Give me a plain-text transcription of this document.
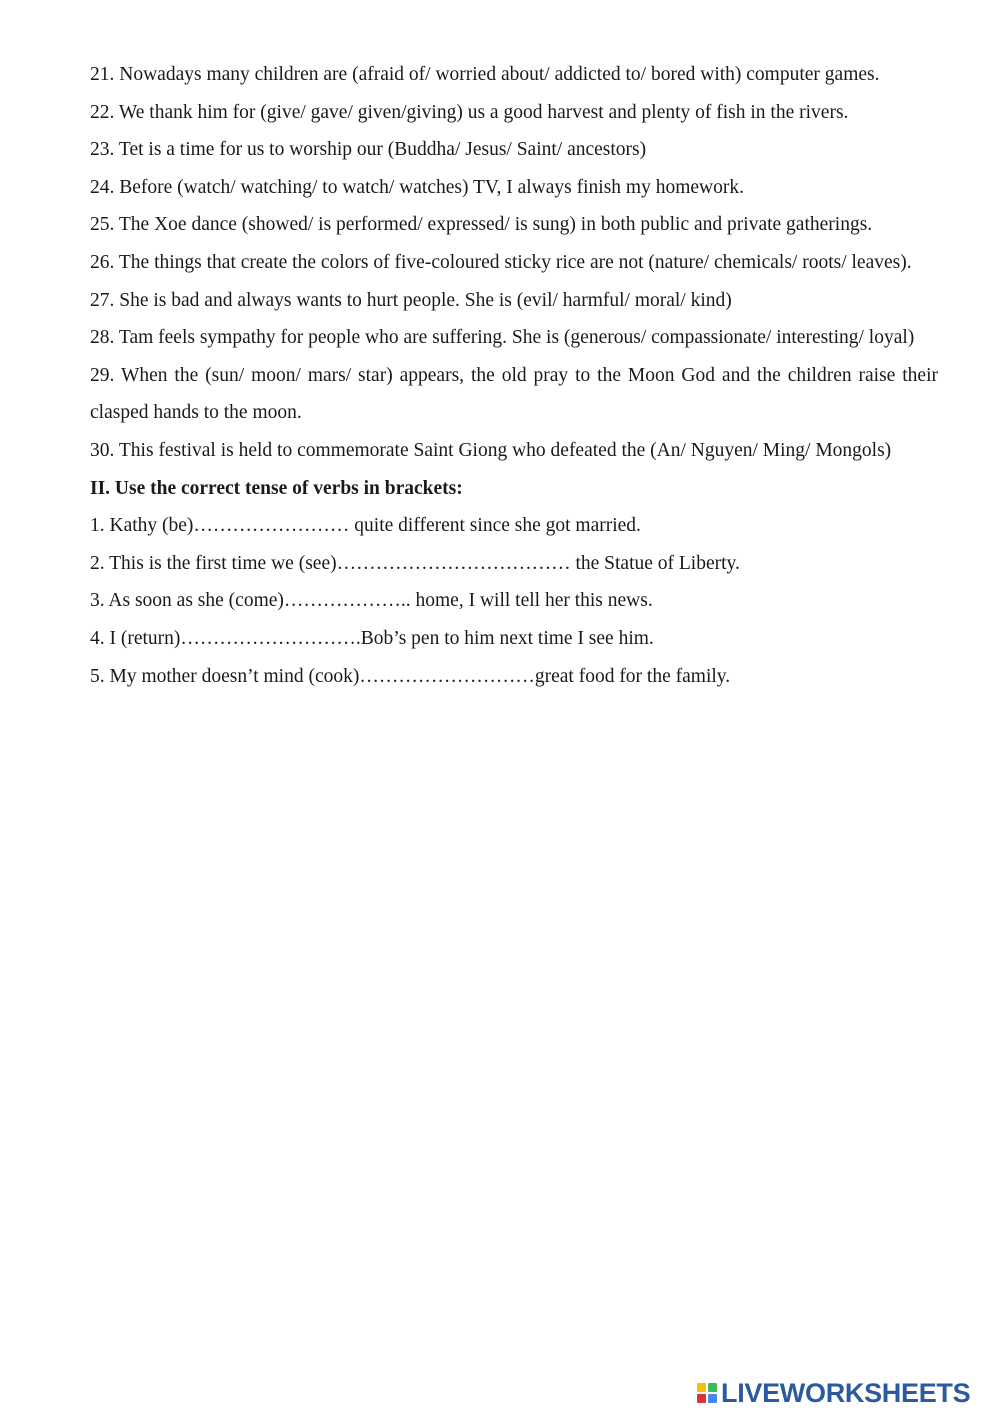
21. Nowadays many children are (afraid of/ worried about/ addicted to/ bored with) computer games.

22. We thank him for (give/ gave/ given/giving) us a good harvest and plenty of fish in the rivers.

23. Tet is a time for us to worship our (Buddha/ Jesus/ Saint/ ancestors)

24. Before (watch/ watching/ to watch/ watches) TV, I always finish my homework.

25. The Xoe dance (showed/ is performed/ expressed/ is sung) in both public and private gatherings.

26. The things that create the colors of five-coloured sticky rice are not (nature/ chemicals/ roots/ leaves).

27. She is bad and always wants to hurt people. She is (evil/ harmful/ moral/ kind)

28. Tam feels sympathy for people who are suffering. She is (generous/ compassionate/ interesting/ loyal)

29. When the (sun/ moon/ mars/ star) appears, the old pray to the Moon God and the children raise their clasped hands to the moon.

30. This festival is held to commemorate Saint Giong who defeated the (An/ Nguyen/ Ming/ Mongols)

II. Use the correct tense of verbs in brackets:

1. Kathy (be)…………………… quite different since she got married.

2. This is the first time we (see)……………………………… the Statue of Liberty.

3. As soon as she (come)……………….. home, I will tell her this news.

4. I (return)……………………….Bob’s pen to him next time I see him.

5. My mother doesn’t mind (cook)………………………great food for the family.

LIVEWORKSHEETS
